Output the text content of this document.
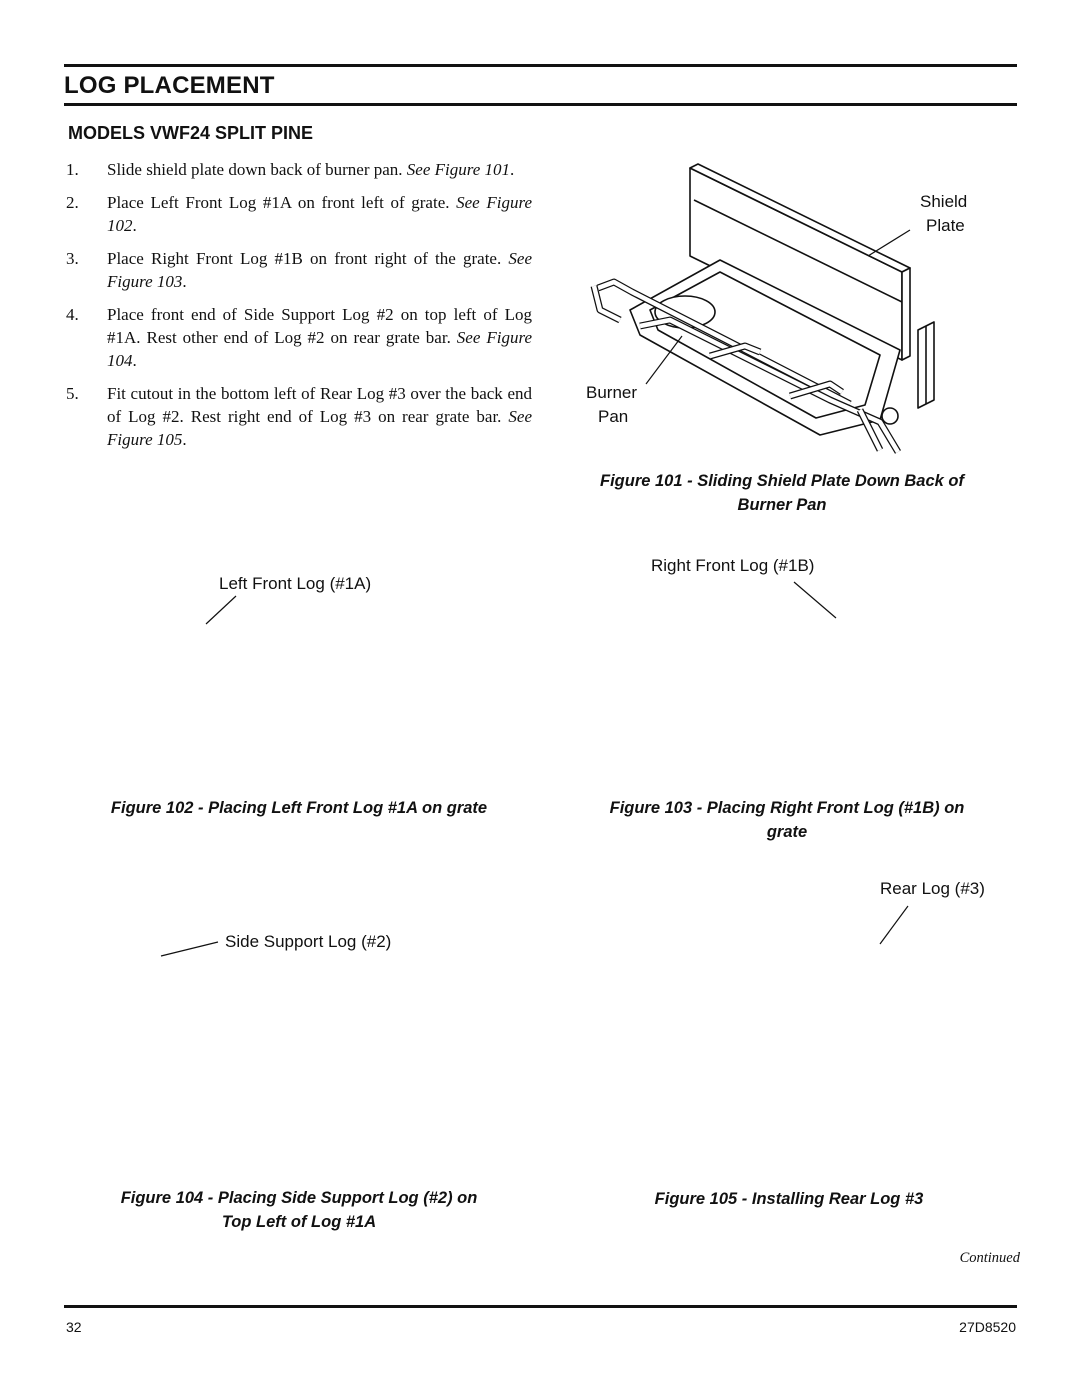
LOG PLACEMENT
MODELS VWF24 SPLIT PINE
1. Slide shield plate down back of burner pan. See Figure 101.
2. Place Left Front Log #1A on front left of grate. See Figure 102.
3. Place Right Front Log #1B on front right of the grate. See Figure 103.
4. Place front end of Side Support Log #2 on top left of Log #1A. Rest other end of Log #2 on rear grate bar. See Figure 104.
5. Fit cutout in the bottom left of Rear Log #3 over the back end of Log #2. Rest right end of Log #3 on rear grate bar. See Figure 105.
Shield
Plate
Burner
Pan
Figure 101 - Sliding Shield Plate Down Back of
Burner Pan
Left Front Log (#1A)
Figure 102 - Placing Left Front Log #1A on grate
Right Front Log (#1B)
Figure 103 - Placing Right Front Log (#1B) on
grate
Side Support Log (#2)
Figure 104 - Placing Side Support Log (#2) on
Top Left of Log #1A
Rear Log (#3)
Figure 105 - Installing Rear Log #3
Continued
32	27D8520
